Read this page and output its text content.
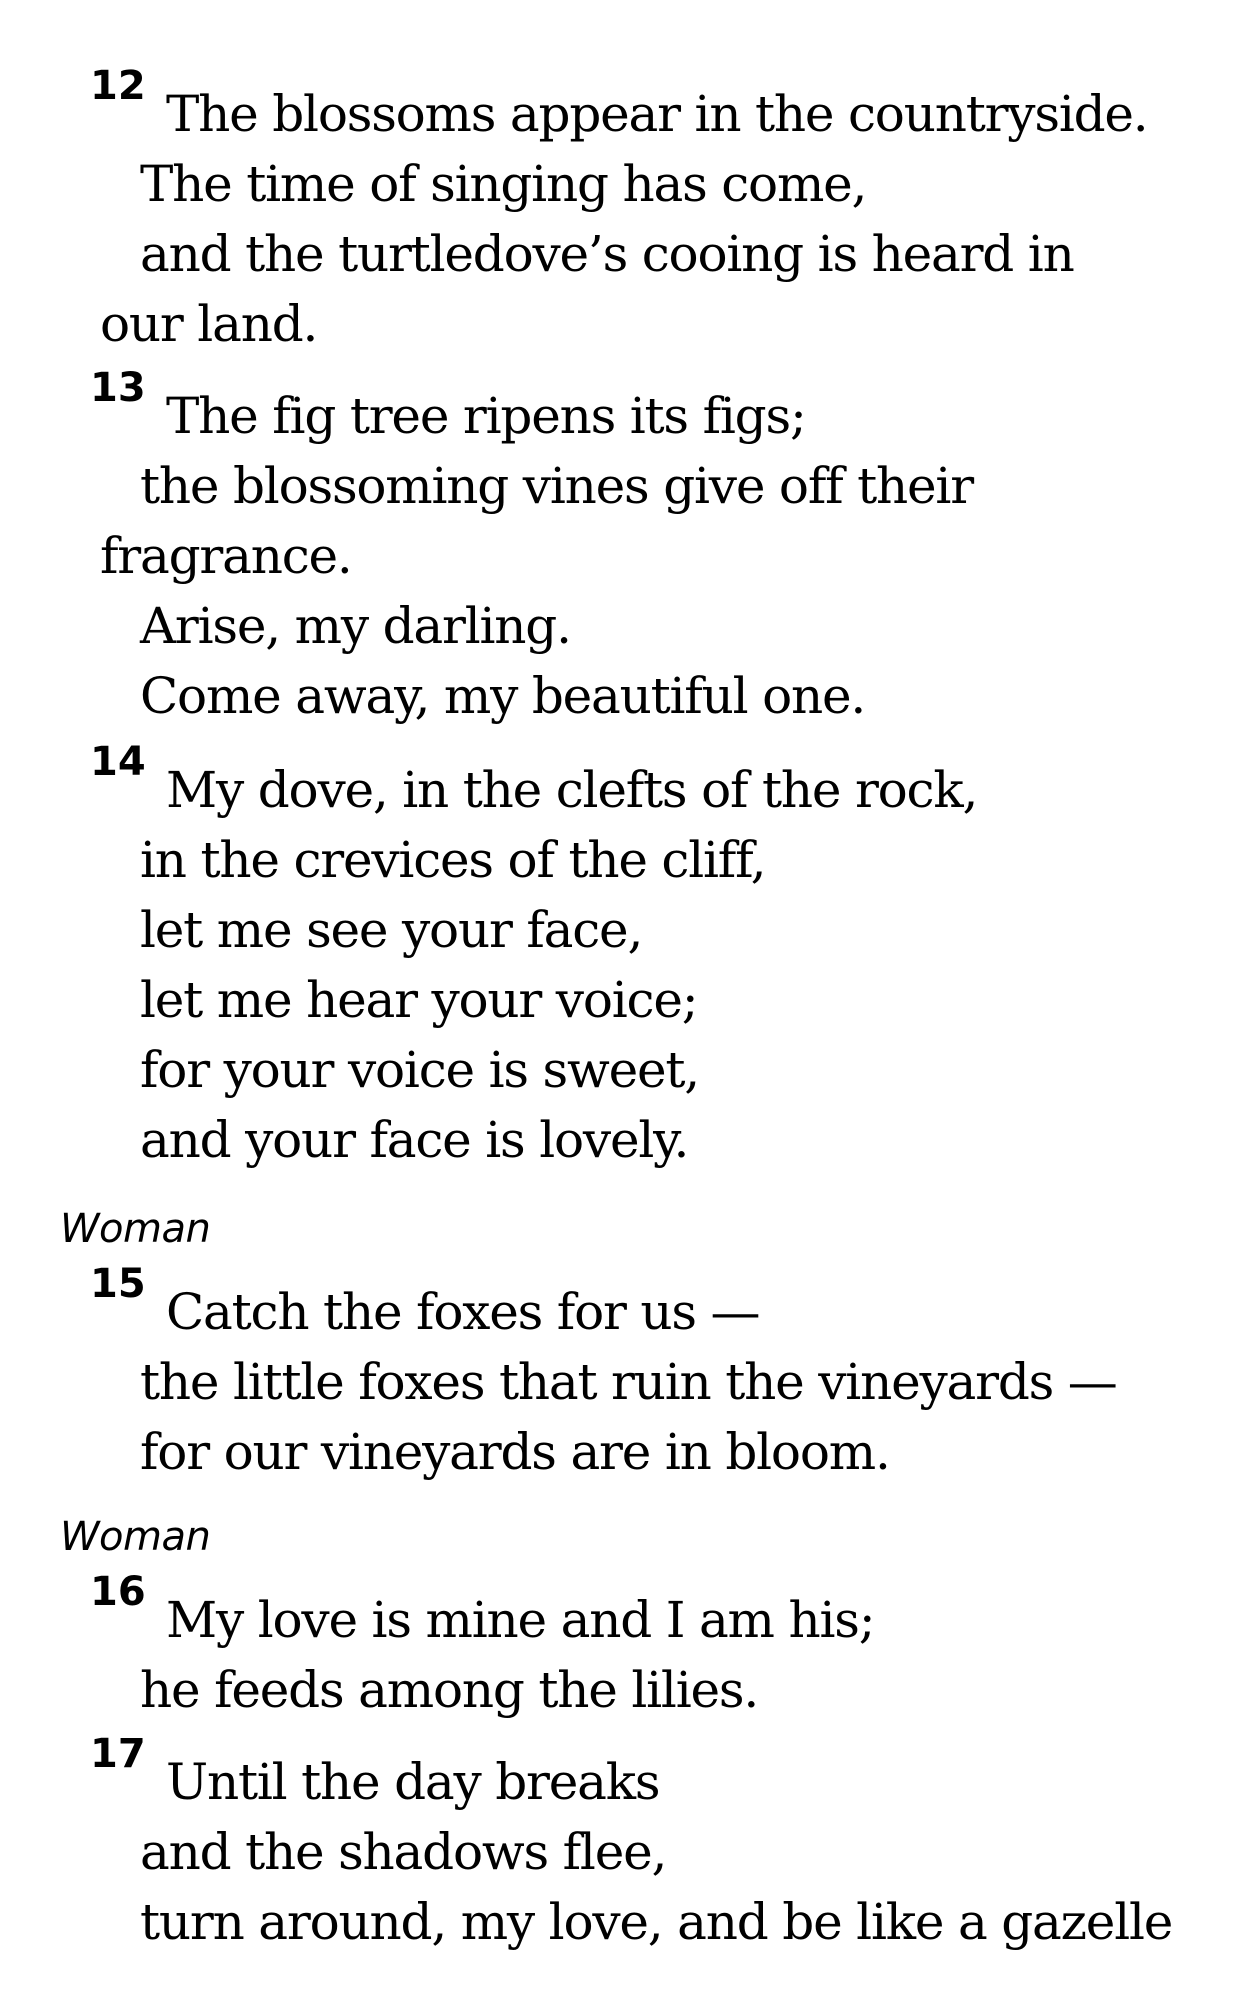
12 The blossoms appear in the countryside.
The time of singing has come,
and the turtledove’s cooing is heard in
our land.
13 The fig tree ripens its figs;
the blossoming vines give off their
fragrance.
Arise, my darling.
Come away, my beautiful one.
14 My dove, in the clefts of the rock,
in the crevices of the cliff,
let me see your face,
let me hear your voice;
for your voice is sweet,
and your face is lovely.
Woman
15 Catch the foxes for us —
the little foxes that ruin the vineyards —
for our vineyards are in bloom.
Woman
16 My love is mine and I am his;
he feeds among the lilies.
17 Until the day breaks
and the shadows flee,
turn around, my love, and be like a gazelle
